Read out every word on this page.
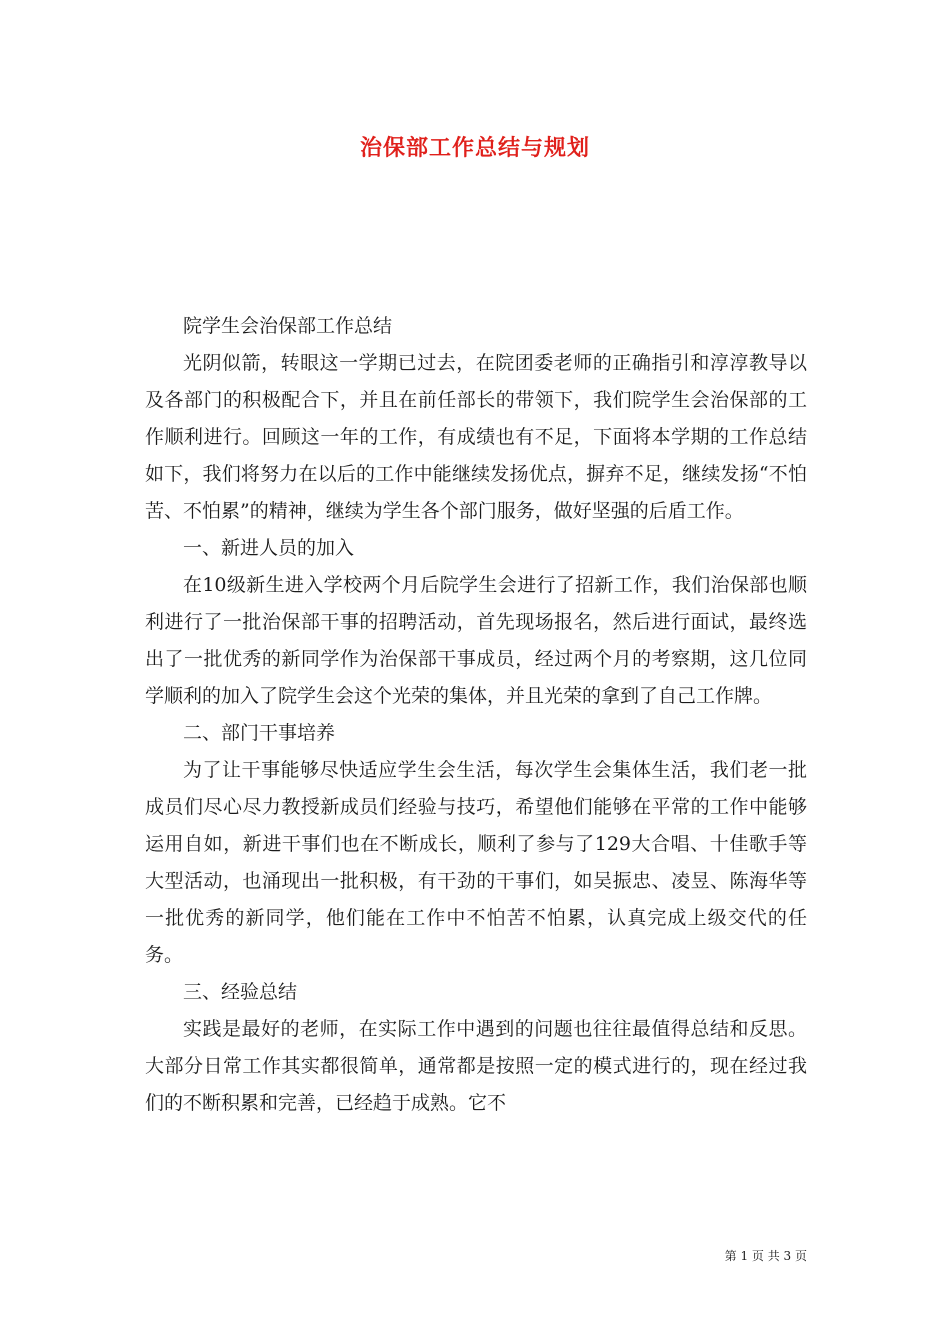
治保部工作总结与规划

院学生会治保部工作总结

光阴似箭，转眼这一学期已过去，在院团委老师的正确指引和淳淳教导以及各部门的积极配合下，并且在前任部长的带领下，我们院学生会治保部的工作顺利进行。回顾这一年的工作，有成绩也有不足，下面将本学期的工作总结如下，我们将努力在以后的工作中能继续发扬优点，摒弃不足，继续发扬“不怕苦、不怕累”的精神，继续为学生各个部门服务，做好坚强的后盾工作。

一、新进人员的加入

在10级新生进入学校两个月后院学生会进行了招新工作，我们治保部也顺利进行了一批治保部干事的招聘活动，首先现场报名，然后进行面试，最终选出了一批优秀的新同学作为治保部干事成员，经过两个月的考察期，这几位同学顺利的加入了院学生会这个光荣的集体，并且光荣的拿到了自己工作牌。

二、部门干事培养

为了让干事能够尽快适应学生会生活，每次学生会集体生活，我们老一批成员们尽心尽力教授新成员们经验与技巧，希望他们能够在平常的工作中能够运用自如，新进干事们也在不断成长，顺利了参与了129大合唱、十佳歌手等大型活动，也涌现出一批积极，有干劲的干事们，如吴振忠、凌昱、陈海华等一批优秀的新同学，他们能在工作中不怕苦不怕累，认真完成上级交代的任务。

三、经验总结

实践是最好的老师，在实际工作中遇到的问题也往往最值得总结和反思。大部分日常工作其实都很简单，通常都是按照一定的模式进行的，现在经过我们的不断积累和完善，已经趋于成熟。它不

第 1 页 共 3 页
